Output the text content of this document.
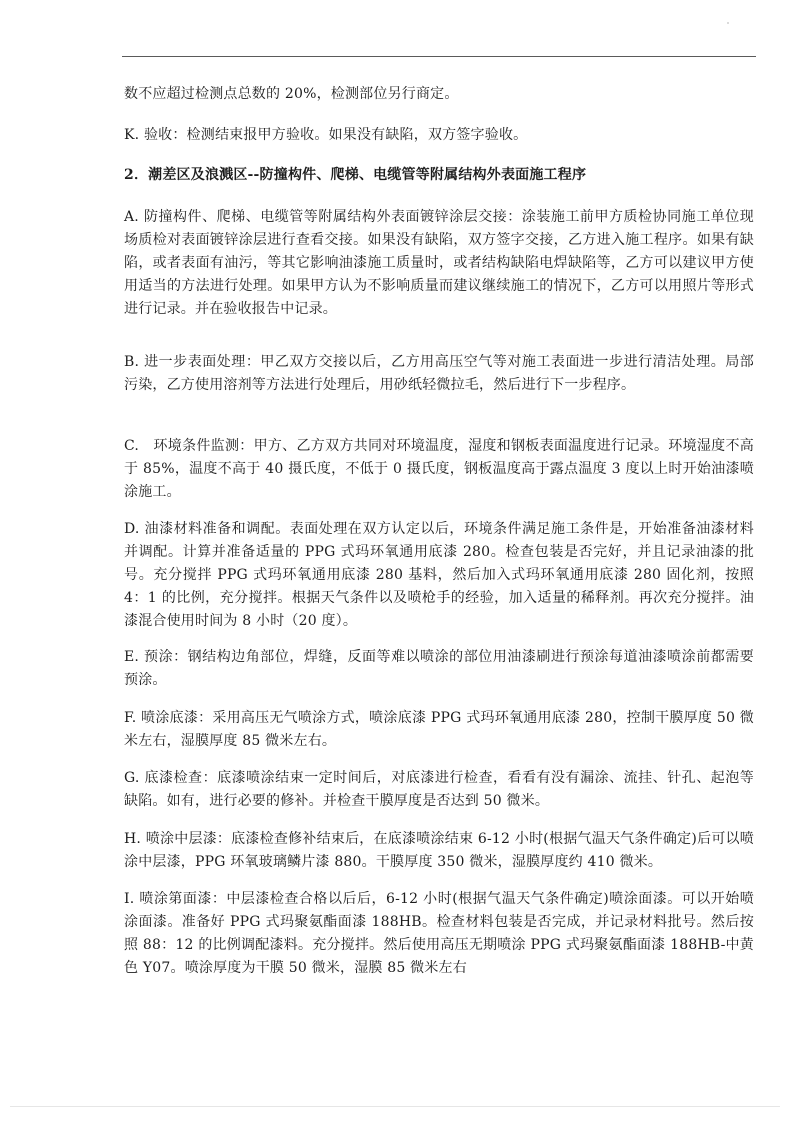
数不应超过检测点总数的 20%，检测部位另行商定。

K. 验收：检测结束报甲方验收。如果没有缺陷，双方签字验收。

2．潮差区及浪溅区--防撞构件、爬梯、电缆管等附属结构外表面施工程序

A. 防撞构件、爬梯、电缆管等附属结构外表面镀锌涂层交接：涂装施工前甲方质检协同施工单位现场质检对表面镀锌涂层进行查看交接。如果没有缺陷，双方签字交接，乙方进入施工程序。如果有缺陷，或者表面有油污，等其它影响油漆施工质量时，或者结构缺陷电焊缺陷等，乙方可以建议甲方使用适当的方法进行处理。如果甲方认为不影响质量而建议继续施工的情况下，乙方可以用照片等形式进行记录。并在验收报告中记录。

B. 进一步表面处理：甲乙双方交接以后，乙方用高压空气等对施工表面进一步进行清洁处理。局部污染，乙方使用溶剂等方法进行处理后，用砂纸轻微拉毛，然后进行下一步程序。

C.　环境条件监测：甲方、乙方双方共同对环境温度，湿度和钢板表面温度进行记录。环境湿度不高于 85%，温度不高于 40 摄氏度，不低于 0 摄氏度，钢板温度高于露点温度 3 度以上时开始油漆喷涂施工。

D. 油漆材料准备和调配。表面处理在双方认定以后，环境条件满足施工条件是，开始准备油漆材料并调配。计算并准备适量的 PPG 式玛环氧通用底漆 280。检查包装是否完好，并且记录油漆的批号。充分搅拌 PPG 式玛环氧通用底漆 280 基料，然后加入式玛环氧通用底漆 280 固化剂，按照 4：1 的比例，充分搅拌。根据天气条件以及喷枪手的经验，加入适量的稀释剂。再次充分搅拌。油漆混合使用时间为 8 小时（20 度）。

E. 预涂：钢结构边角部位，焊缝，反面等难以喷涂的部位用油漆刷进行预涂每道油漆喷涂前都需要预涂。

F. 喷涂底漆：采用高压无气喷涂方式，喷涂底漆 PPG 式玛环氧通用底漆 280，控制干膜厚度 50 微米左右，湿膜厚度 85 微米左右。

G. 底漆检查：底漆喷涂结束一定时间后，对底漆进行检查，看看有没有漏涂、流挂、针孔、起泡等缺陷。如有，进行必要的修补。并检查干膜厚度是否达到 50 微米。

H. 喷涂中层漆：底漆检查修补结束后，在底漆喷涂结束 6-12 小时(根据气温天气条件确定)后可以喷涂中层漆，PPG 环氧玻璃鳞片漆 880。干膜厚度 350 微米，湿膜厚度约 410 微米。

I. 喷涂第面漆：中层漆检查合格以后后，6-12 小时(根据气温天气条件确定)喷涂面漆。可以开始喷涂面漆。准备好 PPG 式玛聚氨酯面漆 188HB。检查材料包装是否完成，并记录材料批号。然后按照 88：12 的比例调配漆料。充分搅拌。然后使用高压无期喷涂 PPG 式玛聚氨酯面漆 188HB-中黄色 Y07。喷涂厚度为干膜 50 微米，湿膜 85 微米左右
